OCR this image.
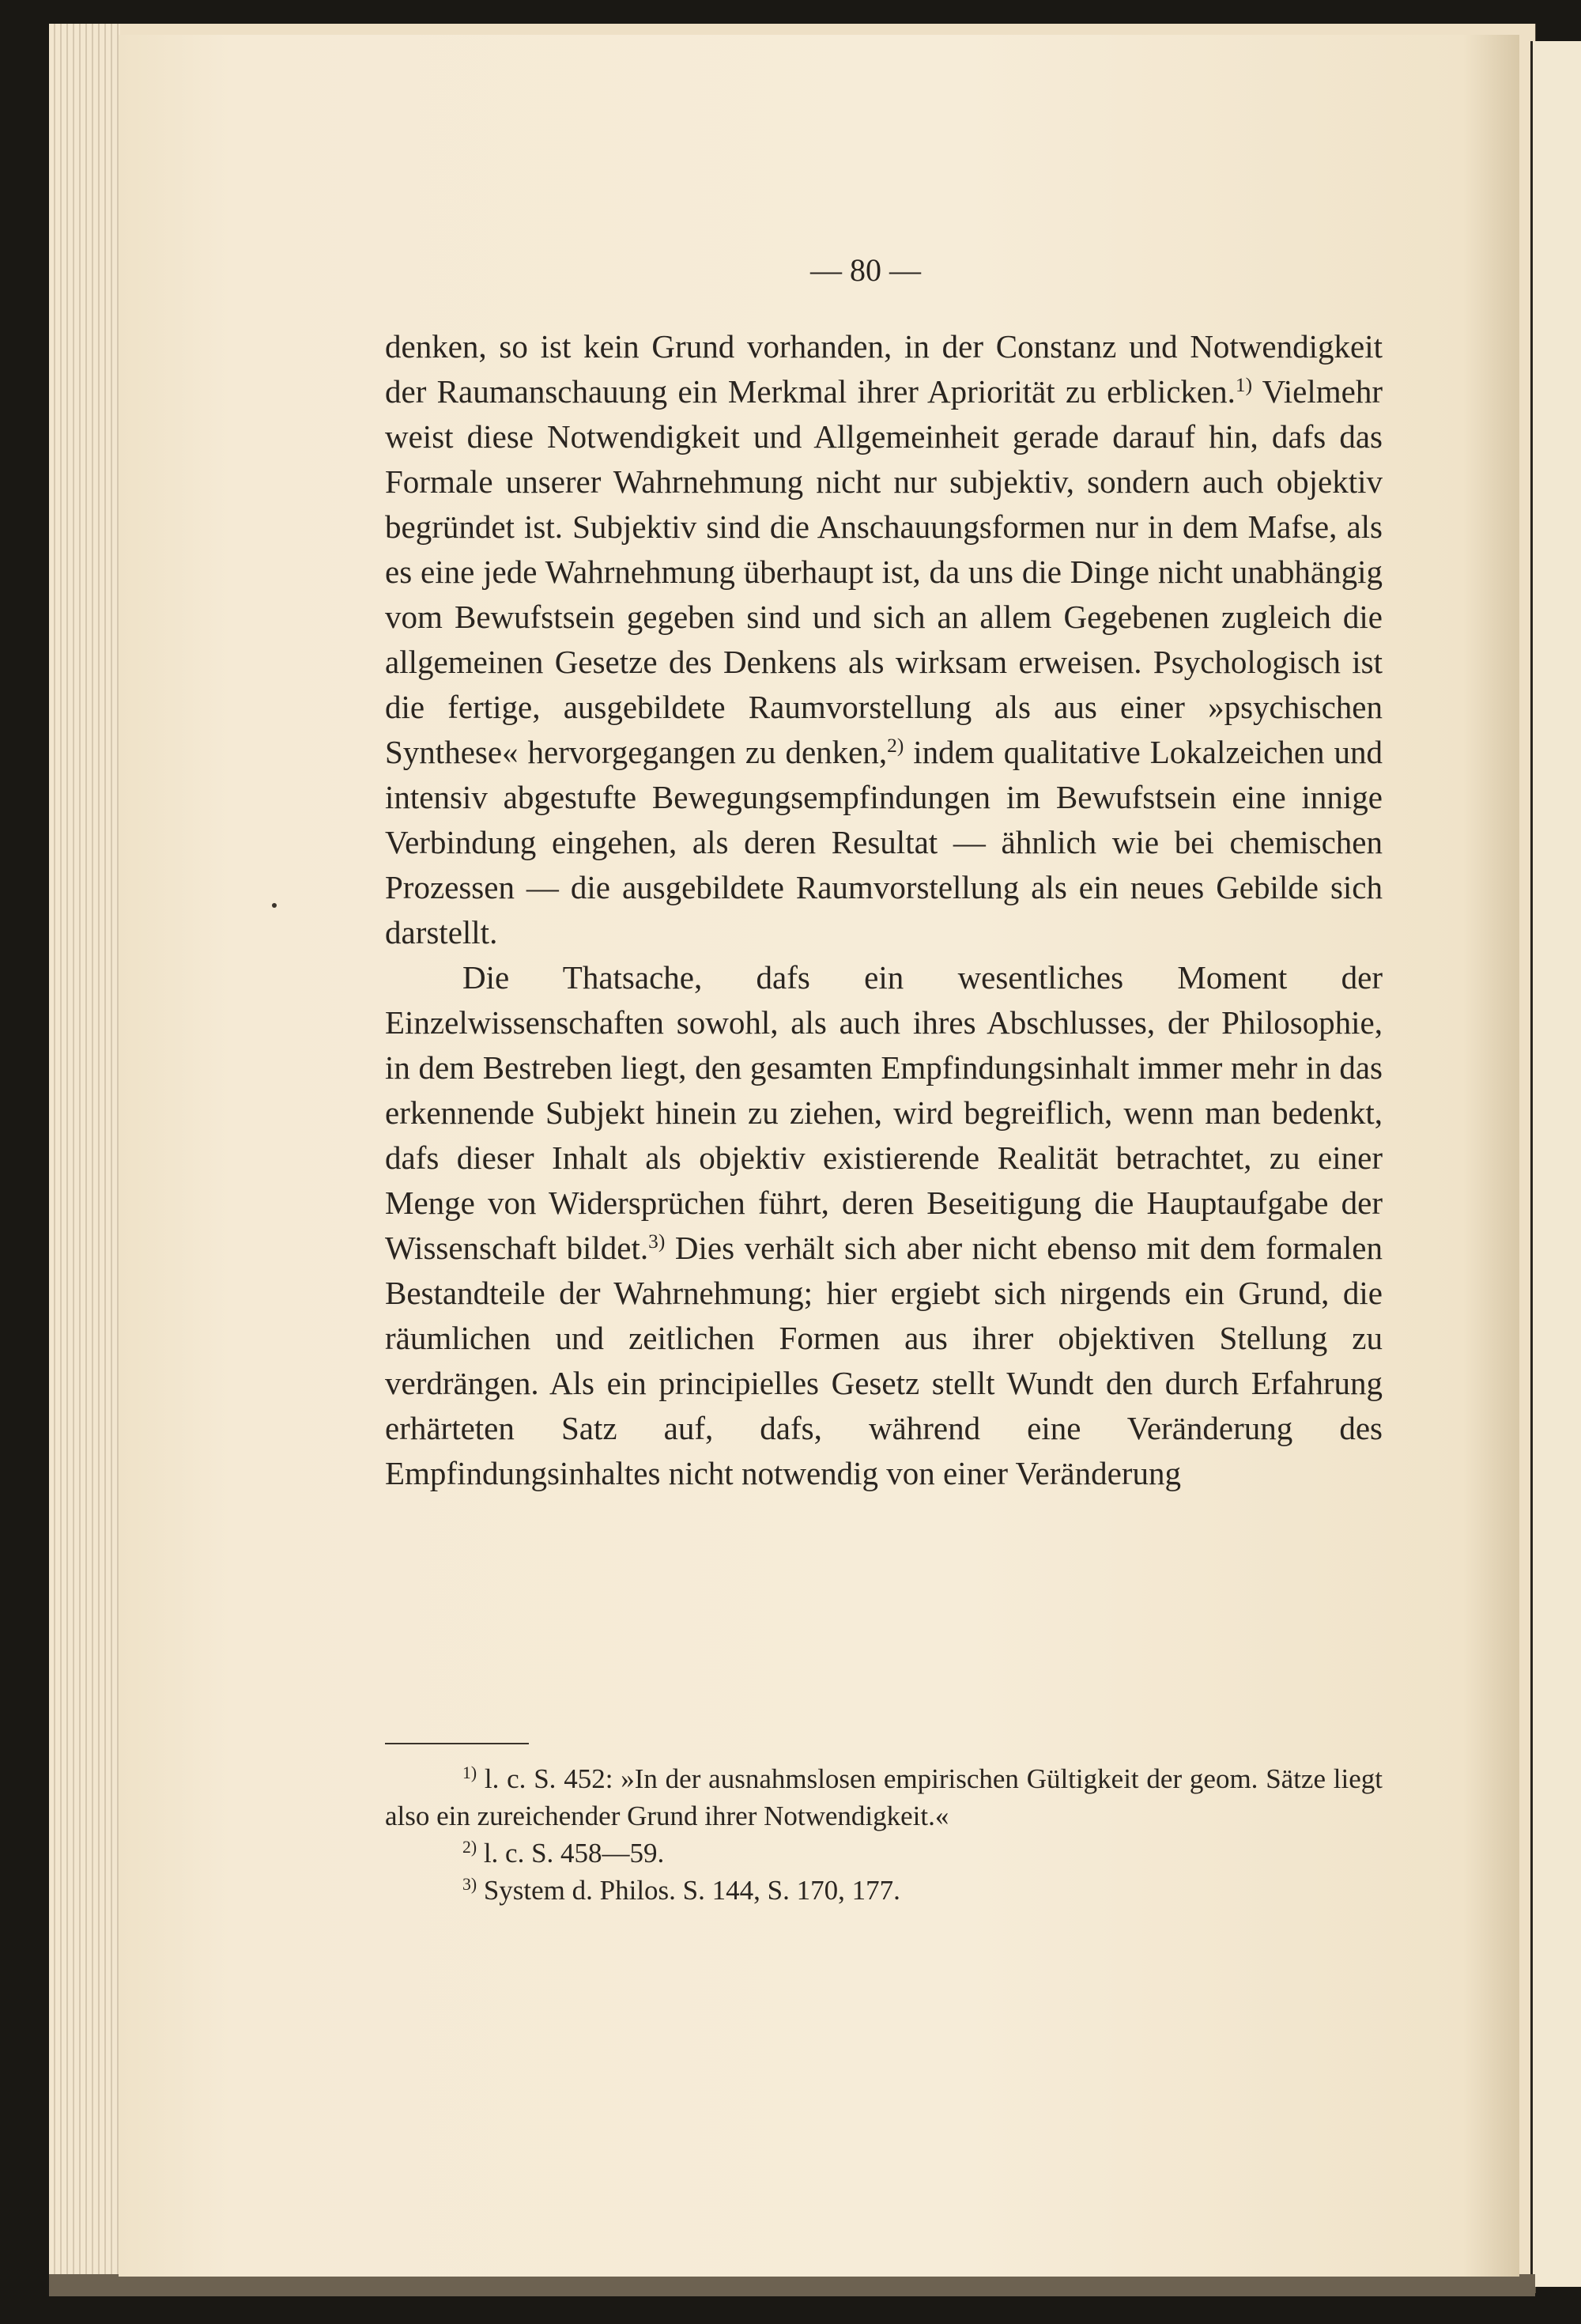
— 80 —

denken, so ist kein Grund vorhanden, in der Constanz und Notwendigkeit der Raumanschauung ein Merkmal ihrer Apriorität zu erblicken.$^{1)}$ Vielmehr weist diese Notwendigkeit und Allgemeinheit gerade darauf hin, dafs das Formale unserer Wahrnehmung nicht nur subjektiv, sondern auch objektiv begründet ist. Subjektiv sind die Anschauungsformen nur in dem Mafse, als es eine jede Wahrnehmung überhaupt ist, da uns die Dinge nicht unabhängig vom Bewufstsein gegeben sind und sich an allem Gegebenen zugleich die allgemeinen Gesetze des Denkens als wirksam erweisen. Psychologisch ist die fertige, ausgebildete Raumvorstellung als aus einer »psychischen Synthese« hervorgegangen zu denken,$^{2)}$ indem qualitative Lokalzeichen und intensiv abgestufte Bewegungsempfindungen im Bewufstsein eine innige Verbindung eingehen, als deren Resultat — ähnlich wie bei chemischen Prozessen — die ausgebildete Raumvorstellung als ein neues Gebilde sich darstellt.

Die Thatsache, dafs ein wesentliches Moment der Einzelwissenschaften sowohl, als auch ihres Abschlusses, der Philosophie, in dem Bestreben liegt, den gesamten Empfindungsinhalt immer mehr in das erkennende Subjekt hinein zu ziehen, wird begreiflich, wenn man bedenkt, dafs dieser Inhalt als objektiv existierende Realität betrachtet, zu einer Menge von Widersprüchen führt, deren Beseitigung die Hauptaufgabe der Wissenschaft bildet.$^{3)}$ Dies verhält sich aber nicht ebenso mit dem formalen Bestandteile der Wahrnehmung; hier ergiebt sich nirgends ein Grund, die räumlichen und zeitlichen Formen aus ihrer objektiven Stellung zu verdrängen. Als ein principielles Gesetz stellt Wundt den durch Erfahrung erhärteten Satz auf, dafs, während eine Veränderung des Empfindungsinhaltes nicht notwendig von einer Veränderung

$^{1)}$ l. c. S. 452: »In der ausnahmslosen empirischen Gültigkeit der geom. Sätze liegt also ein zureichender Grund ihrer Notwendigkeit.«

$^{2)}$ l. c. S. 458—59.

$^{3)}$ System d. Philos. S. 144, S. 170, 177.
